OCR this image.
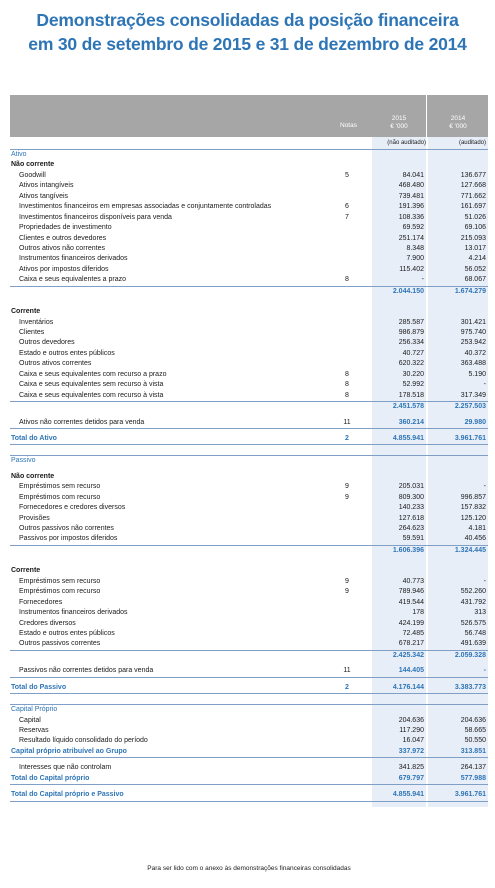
Demonstrações consolidadas da posição financeira
em 30 de setembro de 2015 e 31 de dezembro de 2014
Notas
2015
€ '000
2014
€ '000
(não auditado)	(auditado)
Ativo
Não corrente
Goodwill	5	84.041	136.677
Ativos intangíveis	468.480	127.668
Ativos tangíveis	739.481	771.662
Investimentos financeiros em empresas associadas e conjuntamente controladas	6	191.396	161.697
Investimentos financeiros disponíveis para venda	7	108.336	51.026
Propriedades de investimento	69.592	69.106
Clientes e outros devedores	251.174	215.093
Outros ativos não correntes	8.348	13.017
Instrumentos financeiros derivados	7.900	4.214
Ativos por impostos diferidos	115.402	56.052
Caixa e seus equivalentes a prazo	8	-	68.067
2.044.150	1.674.279
Corrente
Inventários	285.587	301.421
Clientes	986.879	975.740
Outros devedores	256.334	253.942
Estado e outros entes públicos	40.727	40.372
Outros ativos correntes	620.322	363.488
Caixa e seus equivalentes com recurso a prazo	8	30.220	5.190
Caixa e seus equivalentes sem recurso à vista	8	52.992	-
Caixa e seus equivalentes com recurso à vista	8	178.518	317.349
2.451.578	2.257.503
Ativos não correntes detidos para venda	11	360.214	29.980
Total do Ativo	2	4.855.941	3.961.761
Passivo
Não corrente
Empréstimos sem recurso	9	205.031	-
Empréstimos com recurso	9	809.300	996.857
Fornecedores e credores diversos	140.233	157.832
Provisões	127.618	125.120
Outros passivos não correntes	264.623	4.181
Passivos por impostos diferidos	59.591	40.456
1.606.396	1.324.445
Corrente
Empréstimos sem recurso	9	40.773	-
Empréstimos com recurso	9	789.946	552.260
Fornecedores	419.544	431.792
Instrumentos financeiros derivados	178	313
Credores diversos	424.199	526.575
Estado e outros entes públicos	72.485	56.748
Outros passivos correntes	678.217	491.639
2.425.342	2.059.328
Passivos não correntes detidos para venda	11	144.405	-
Total do Passivo	2	4.176.144	3.383.773
Capital Próprio
Capital	204.636	204.636
Reservas	117.290	58.665
Resultado líquido consolidado do período	16.047	50.550
Capital próprio atribuível ao Grupo	337.972	313.851
Interesses que não controlam	341.825	264.137
Total do Capital próprio	679.797	577.988
Total do Capital próprio e Passivo	4.855.941	3.961.761
Para ser lido com o anexo às demonstrações financeiras consolidadas
